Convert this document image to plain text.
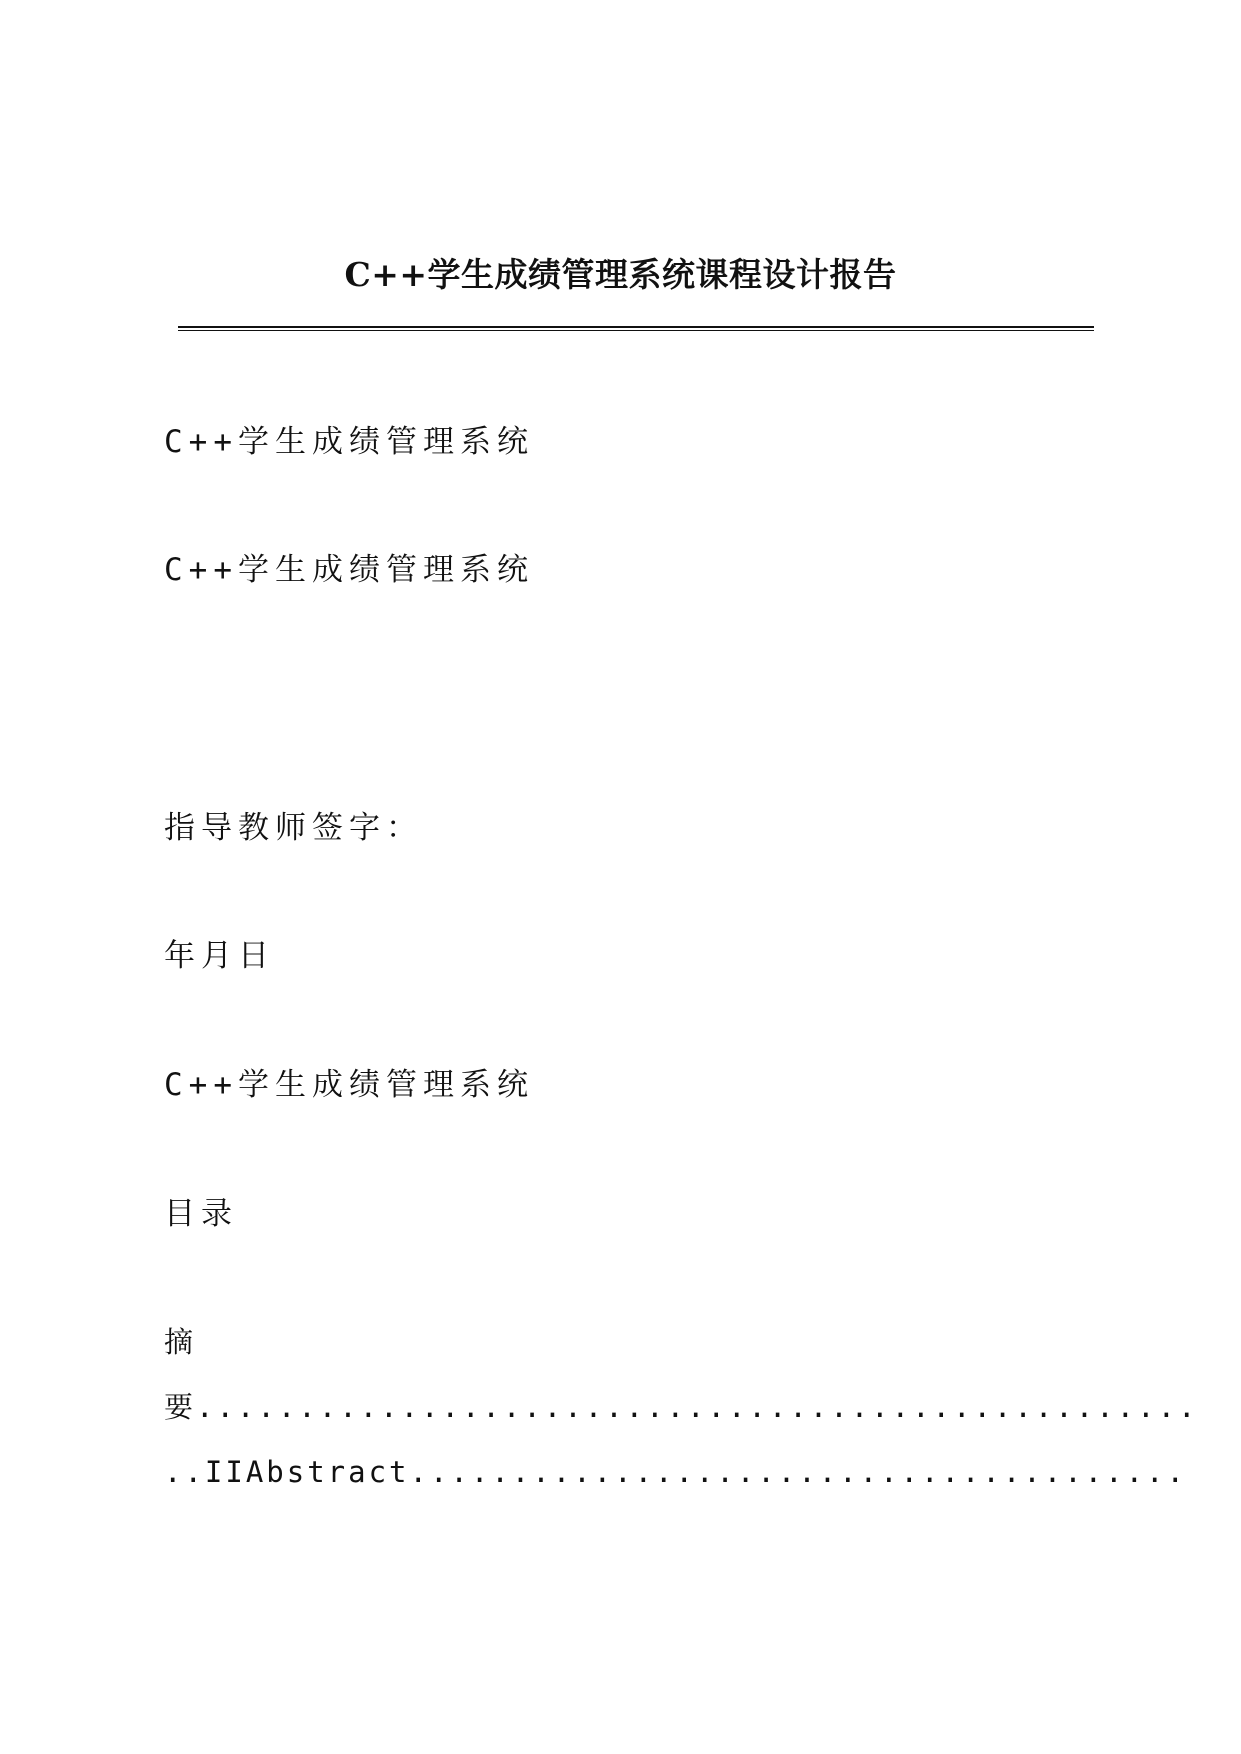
C++学生成绩管理系统课程设计报告
C++学生成绩管理系统
C++学生成绩管理系统
指导教师签字：
年月日
C++学生成绩管理系统
目录
摘
要.................................................
..IIAbstract......................................
